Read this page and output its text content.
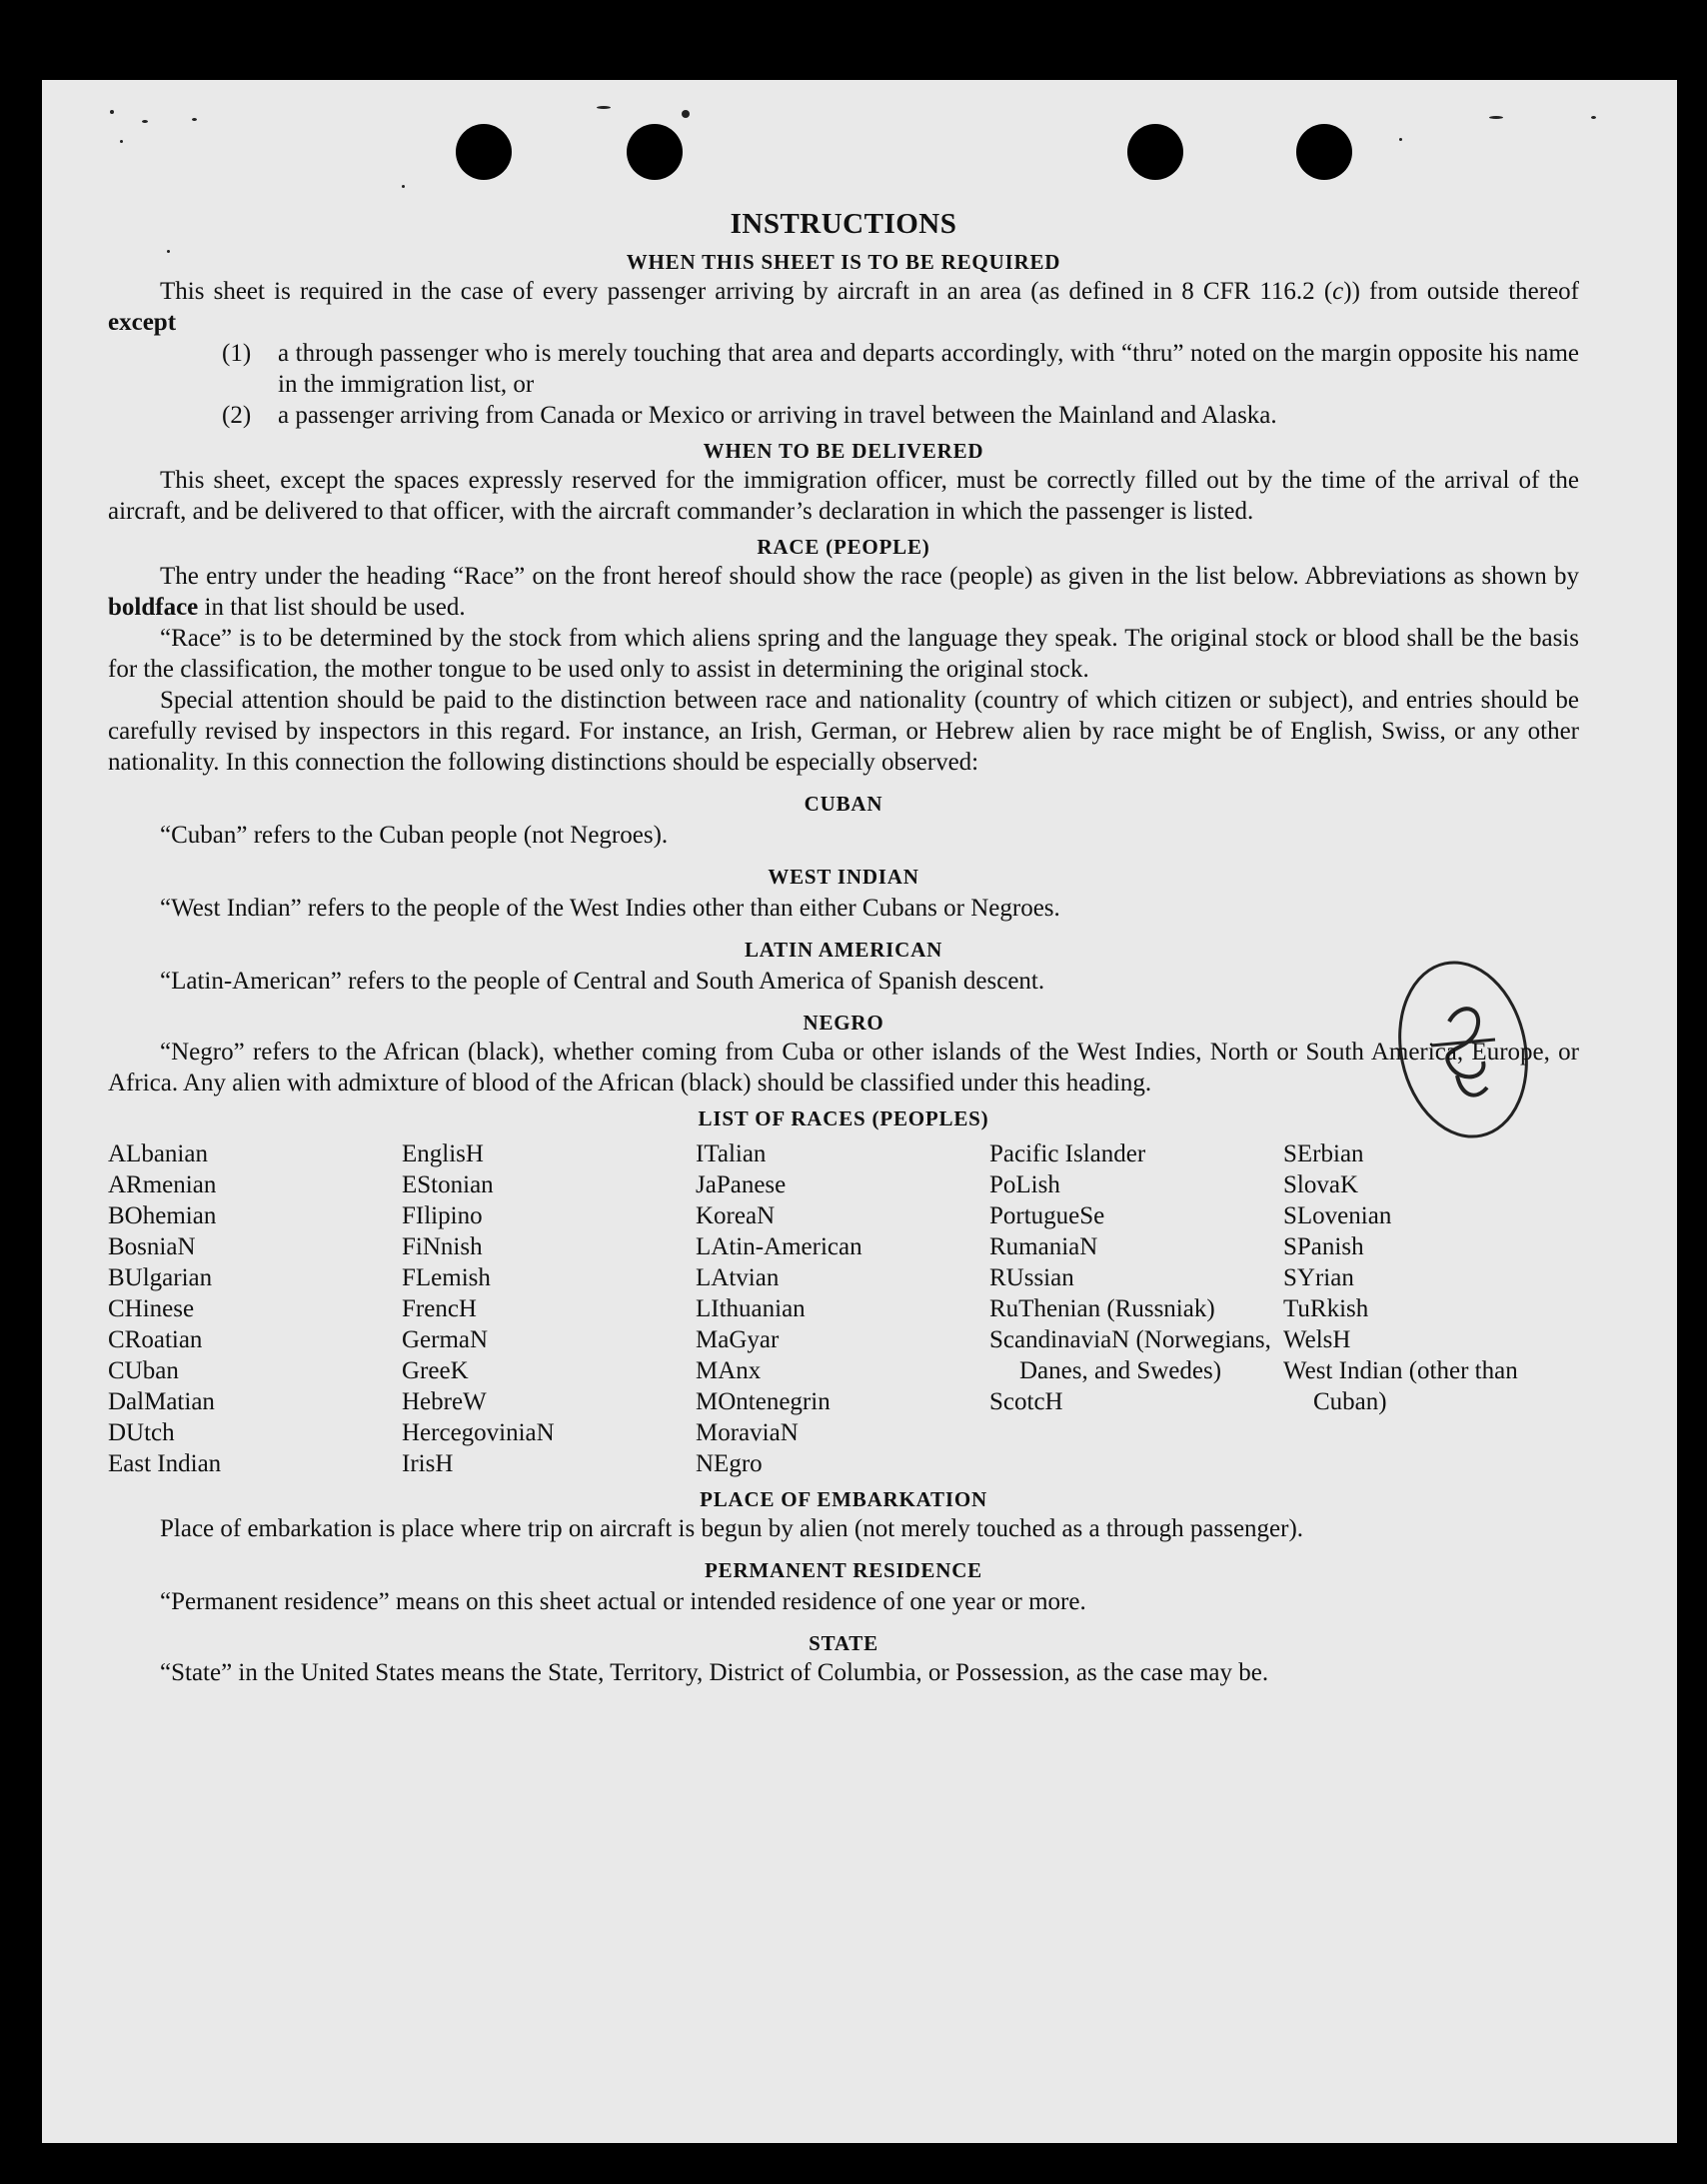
INSTRUCTIONS
WHEN THIS SHEET IS TO BE REQUIRED

This sheet is required in the case of every passenger arriving by aircraft in an area (as defined in 8 CFR 116.2 (c)) from outside thereof except

(1)	a through passenger who is merely touching that area and departs accordingly, with “thru” noted on the margin opposite his name in the immigration list, or
(2)	a passenger arriving from Canada or Mexico or arriving in travel between the Mainland and Alaska.
WHEN TO BE DELIVERED

This sheet, except the spaces expressly reserved for the immigration officer, must be correctly filled out by the time of the arrival of the aircraft, and be delivered to that officer, with the aircraft commander’s declaration in which the passenger is listed.

RACE (PEOPLE)

The entry under the heading “Race” on the front hereof should show the race (people) as given in the list below. Abbreviations as shown by boldface in that list should be used.

“Race” is to be determined by the stock from which aliens spring and the language they speak. The original stock or blood shall be the basis for the classification, the mother tongue to be used only to assist in determining the original stock.

Special attention should be paid to the distinction between race and nationality (country of which citizen or subject), and entries should be carefully revised by inspectors in this regard. For instance, an Irish, German, or Hebrew alien by race might be of English, Swiss, or any other nationality. In this connection the following distinctions should be especially observed:

CUBAN
“Cuban” refers to the Cuban people (not Negroes).
WEST INDIAN
“West Indian” refers to the people of the West Indies other than either Cubans or Negroes.
LATIN AMERICAN
“Latin-American” refers to the people of Central and South America of Spanish descent.
NEGRO

“Negro” refers to the African (black), whether coming from Cuba or other islands of the West Indies, North or South America, Europe, or Africa. Any alien with admixture of blood of the African (black) should be classified under this heading.

LIST OF RACES (PEOPLES)
ALbanian
ARmenian
BOhemian
BosniaN
BUlgarian
CHinese
CRoatian
CUban
DalMatian
DUtch
East Indian
EnglisH
EStonian
FIlipino
FiNnish
FLemish
FrencH
GermaN
GreeK
HebreW
HercegoviniaN
IrisH
ITalian
JaPanese
KoreaN
LAtin-American
LAtvian
LIthuanian
MaGyar
MAnx
MOntenegrin
MoraviaN
NEgro
Pacific Islander
PoLish
PortugueSe
RumaniaN
RUssian
RuThenian (Russniak)
ScandinaviaN (Norwegians, Danes, and Swedes)
ScotcH
SErbian
SlovaK
SLovenian
SPanish
SYrian
TuRkish
WelsH
West Indian (other than Cuban)
PLACE OF EMBARKATION

Place of embarkation is place where trip on aircraft is begun by alien (not merely touched as a through passenger).

PERMANENT RESIDENCE
“Permanent residence” means on this sheet actual or intended residence of one year or more.
STATE

“State” in the United States means the State, Territory, District of Columbia, or Possession, as the case may be.
